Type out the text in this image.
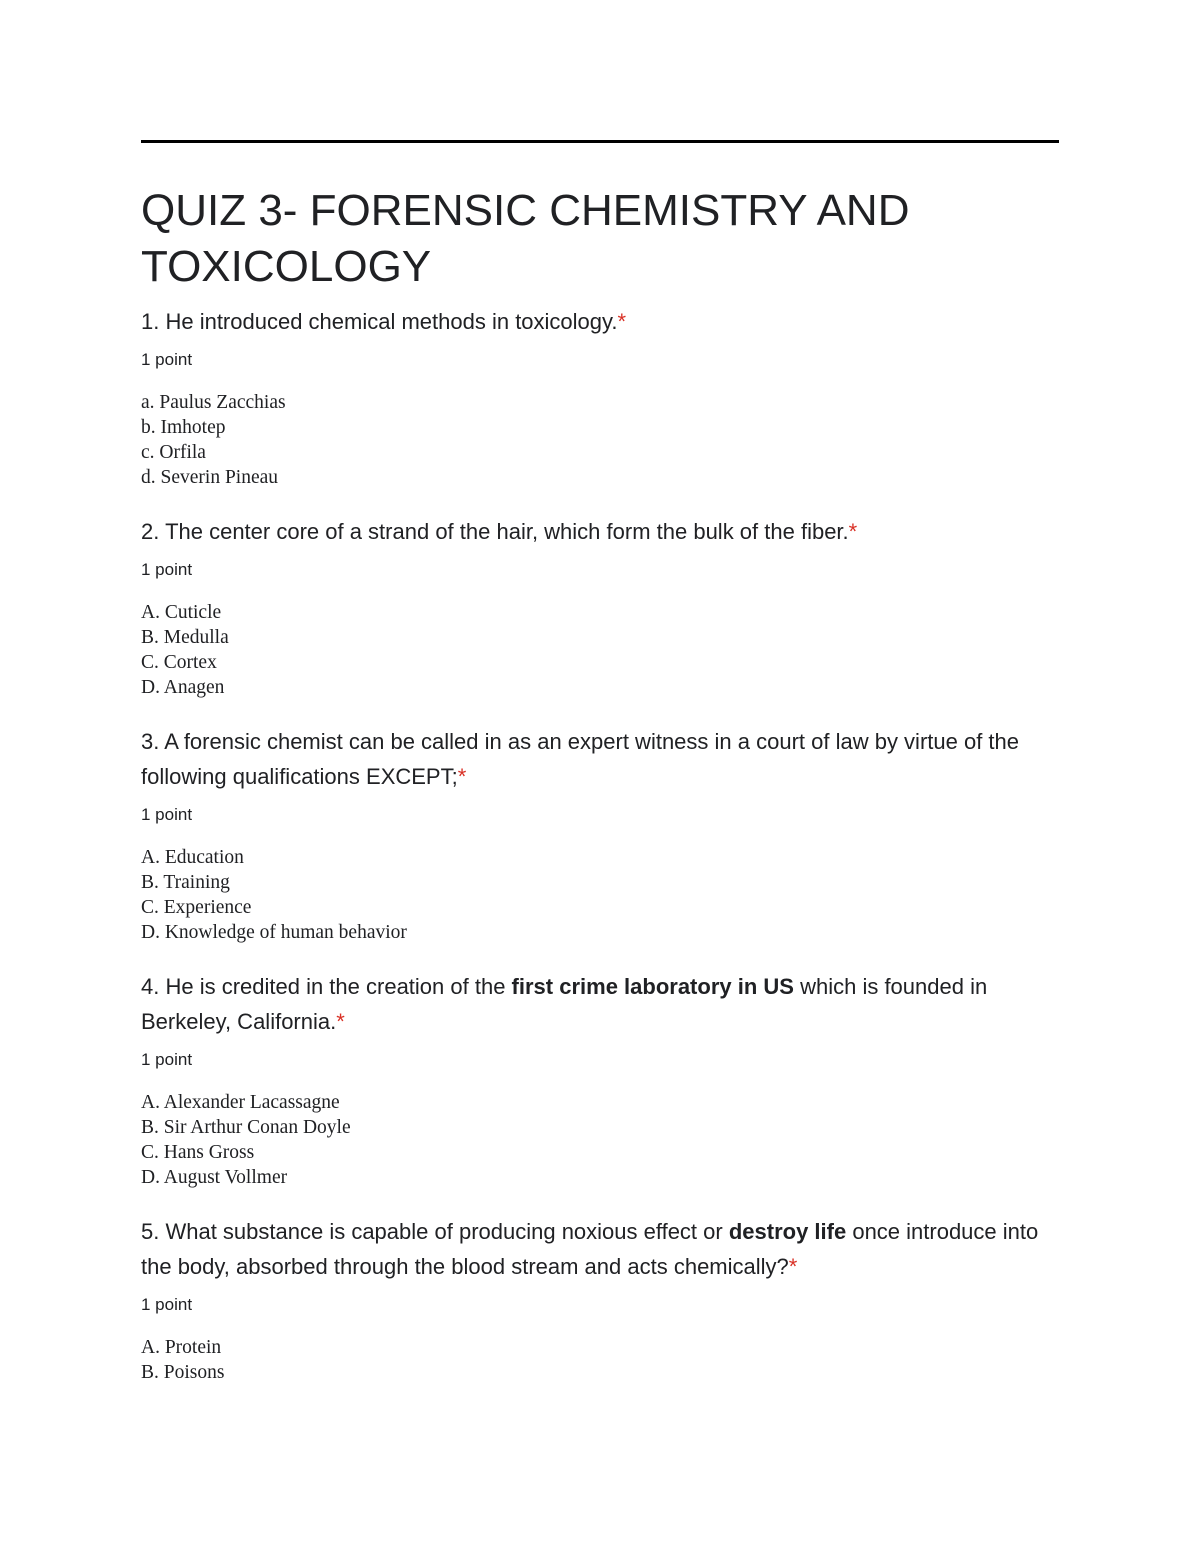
QUIZ 3- FORENSIC CHEMISTRY AND TOXICOLOGY

1. He introduced chemical methods in toxicology.*

1 point
a. Paulus Zacchias
b. Imhotep
c. Orfila
d. Severin Pineau

2. The center core of a strand of the hair, which form the bulk of the fiber.*

1 point
A. Cuticle
B. Medulla
C. Cortex
D. Anagen

3. A forensic chemist can be called in as an expert witness in a court of law by virtue of the following qualifications EXCEPT;*

1 point
A. Education
B. Training
C. Experience
D. Knowledge of human behavior

4. He is credited in the creation of the first crime laboratory in US which is founded in Berkeley, California.*

1 point
A. Alexander Lacassagne
B. Sir Arthur Conan Doyle
C. Hans Gross
D. August Vollmer

5. What substance is capable of producing noxious effect or destroy life once introduce into the body, absorbed through the blood stream and acts chemically?*

1 point
A. Protein
B. Poisons
